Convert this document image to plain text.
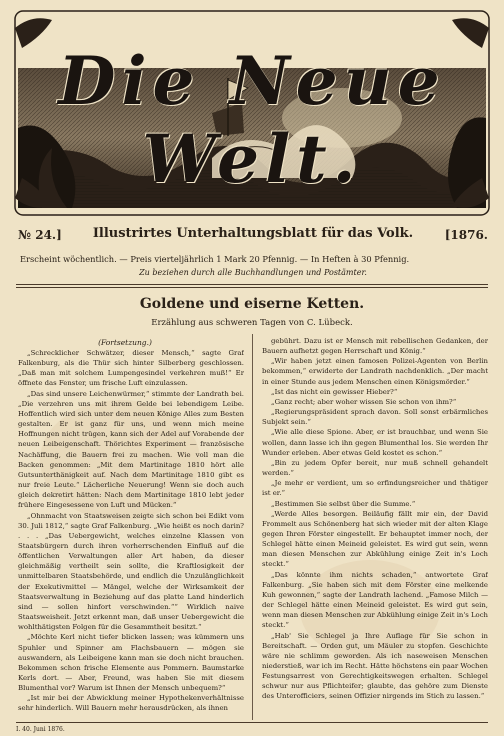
Die Neue Welt.
№ 24.]	Illustrirtes Unterhaltungsblatt für das Volk.	[1876.
Erscheint wöchentlich. — Preis vierteljährlich 1 Mark 20 Pfennig. — In Heften à 30 Pfennig.
Zu beziehen durch alle Buchhandlungen und Postämter.
Goldene und eiserne Ketten.
Erzählung aus schweren Tagen von C. Lübeck.
(Fortsetzung.)

„Schrecklicher Schwätzer, dieser Mensch,“ sagte Graf Falkenburg, als die Thür sich hinter Silberberg geschlossen. „Daß man mit solchem Lumpengesindel verkehren muß!“ Er öffnete das Fenster, um frische Luft einzulassen.

„Das sind unsere Leichenwürmer,“ stimmte der Landrath bei. „Die verzehren uns mit ihrem Gelde bei lebendigem Leibe. Hoffentlich wird sich unter dem neuen Könige Alles zum Besten gestalten. Er ist ganz für uns, und wenn mich meine Hoffnungen nicht trügen, kann sich der Adel auf Vorabende der neuen Leibeigenschaft. Thörichtes Experiment — französische Nachäffung, die Bauern frei zu machen. Wie voll man die Backen genommen: „Mit dem Martinitage 1810 hört alle Gutsunterthänigkeit auf. Nach dem Martinitage 1810 gibt es nur freie Leute.“ Lächerliche Neuerung! Wenn sie doch auch gleich dekretirt hätten: Nach dem Martinitage 1810 lebt jeder frühere Eingesessene von Luft und Mücken.“

„Ohnmacht von Staatsweisen zeigte sich schon bei Edikt vom 30. Juli 1812,“ sagte Graf Falkenburg. „Wie heißt es noch darin? . . . „Das Uebergewicht, welches einzelne Klassen von Staatsbürgern durch ihren vorherrschenden Einfluß auf die öffentlichen Verwaltungen aller Art haben, da dieser gleichmäßig vertheilt sein sollte, die Kraftlosigkeit der unmittelbaren Staatsbehörde, und endlich die Unzulänglichkeit der Exekutivmittel — Mängel, welche der Wirksamkeit der Staatsverwaltung in Beziehung auf das platte Land hinderlich sind — sollen hinfort verschwinden.““ Wirklich naive Staatsweisheit. Jetzt erkennt man, daß unser Uebergewicht die wohlthätigsten Folgen für die Gesammtheit besitzt.“

„Möchte Kerl nicht tiefer blicken lassen; was kümmern uns Spuhler und Spinner am Flachsbauern — mögen sie auswandern, als Leibeigene kann man sie doch nicht brauchen. Bekommen schon frische Elemente aus Pommern. Baumstarke Kerls dort. — Aber, Freund, was haben Sie mit diesem Blumenthal vor? Warum ist Ihnen der Mensch unbequem?“

„Ist mir bei der Abwicklung meiner Hypothekenverhältnisse sehr hinderlich. Will Bauern mehr herausdrücken, als ihnen

gebührt. Dazu ist er Mensch mit rebellischen Gedanken, der Bauern aufhetzt gegen Herrschaft und König.“

„Wir haben jetzt einen famosen Polizei-Agenten von Berlin bekommen,“ erwiderte der Landrath nachdenklich. „Der macht in einer Stunde aus jedem Menschen einen Königsmörder.“

„Ist das nicht ein gewisser Hieber?“

„Ganz recht; aber woher wissen Sie schon von ihm?“

„Regierungspräsident sprach davon. Soll sonst erbärmliches Subjekt sein.“

„Wie alle diese Spione. Aber, er ist brauchbar, und wenn Sie wollen, dann lasse ich ihn gegen Blumenthal los. Sie werden Ihr Wunder erleben. Aber etwas Geld kostet es schon.“

„Bin zu jedem Opfer bereit, nur muß schnell gehandelt werden.“

„Je mehr er verdient, um so erfindungsreicher und thätiger ist er.“

„Bestimmen Sie selbst über die Summe.“

„Werde Alles besorgen. Beiläufig fällt mir ein, der David Frommelt aus Schönenberg hat sich wieder mit der alten Klage gegen Ihren Förster eingestellt. Er behauptet immer noch, der Schlegel hätte einen Meineid geleistet. Es wird gut sein, wenn man diesen Menschen zur Abkühlung einige Zeit in's Loch steckt.“

„Das könnte ihm nichts schaden,“ antwortete Graf Falkenburg. „Sie haben sich mit dem Förster eine melkende Kuh gewonnen,“ sagte der Landrath lachend. „Famose Milch — der Schlegel hätte einen Meineid geleistet. Es wird gut sein, wenn man diesen Menschen zur Abkühlung einige Zeit in's Loch steckt.“

„Hab' Sie Schlegel ja Ihre Auflage für Sie schon in Bereitschaft. — Orden gut, um Mäuler zu stopfen. Geschichte wäre nie schlimm geworden. Als ich naseweisen Menschen niederstieß, war ich im Recht. Hätte höchstens ein paar Wochen Festungsarrest von Gerechtigkeitswegen erhalten. Schlegel schwur nur aus Pflichteifer; glaubte, das gehöre zum Dienste des Unterofficiers, seinen Offizier nirgends im Stich zu lassen.“

I. 40. Juni 1876.
